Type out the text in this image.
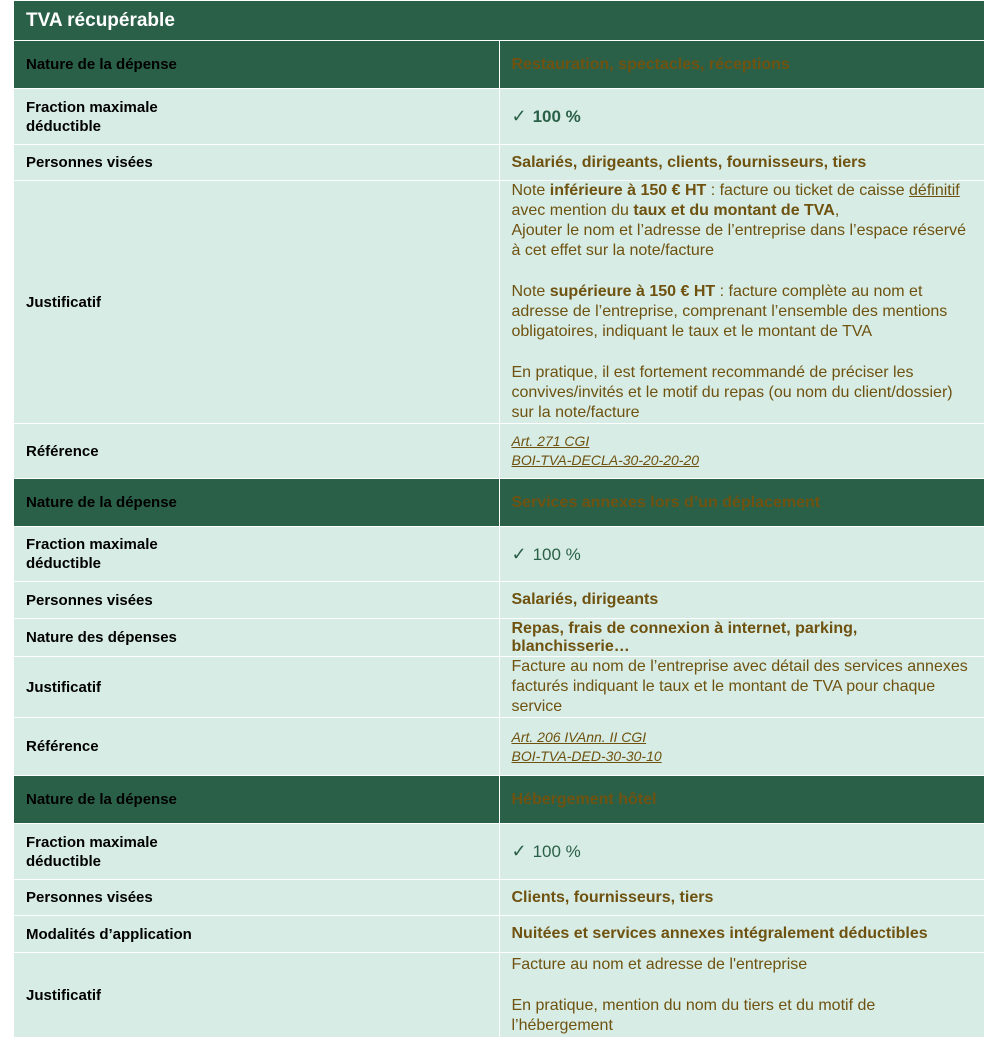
TVA récupérable	
Nature de la dépense	Restauration, spectacles, réceptions

Fraction maximale
déductible	✓ 100 %
Personnes visées	Salariés, dirigeants, clients, fournisseurs, tiers
Justificatif	Note inférieure à 150 € HT : facture ou ticket de caisse définitif avec mention du taux et du montant de TVA,
Ajouter le nom et l’adresse de l’entreprise dans l’espace réservé à cet effet sur la note/facture
Note supérieure à 150 € HT : facture complète au nom et adresse de l’entreprise, comprenant l’ensemble des mentions obligatoires, indiquant le taux et le montant de TVA
En pratique, il est fortement recommandé de préciser les convives/invités et le motif du repas (ou nom du client/dossier) sur la note/facture

Référence	Art. 271 CGI
BOI-TVA-DECLA-30-20-20-20

Nature de la dépense	Services annexes lors d’un déplacement

Fraction maximale
déductible	✓ 100 %
Personnes visées	Salariés, dirigeants
Nature des dépenses	Repas, frais de connexion à internet, parking, blanchisserie…
Justificatif	Facture au nom de l’entreprise avec détail des services annexes facturés indiquant le taux et le montant de TVA pour chaque service
Référence	Art. 206 IVAnn. II CGI
BOI-TVA-DED-30-30-10

Nature de la dépense	Hébergement hôtel

Fraction maximale
déductible	✓ 100 %
Personnes visées	Clients, fournisseurs, tiers
Modalités d’application	Nuitées et services annexes intégralement déductibles
Justificatif	Facture au nom et adresse de l'entreprise
En pratique, mention du nom du tiers et du motif de l’hébergement
